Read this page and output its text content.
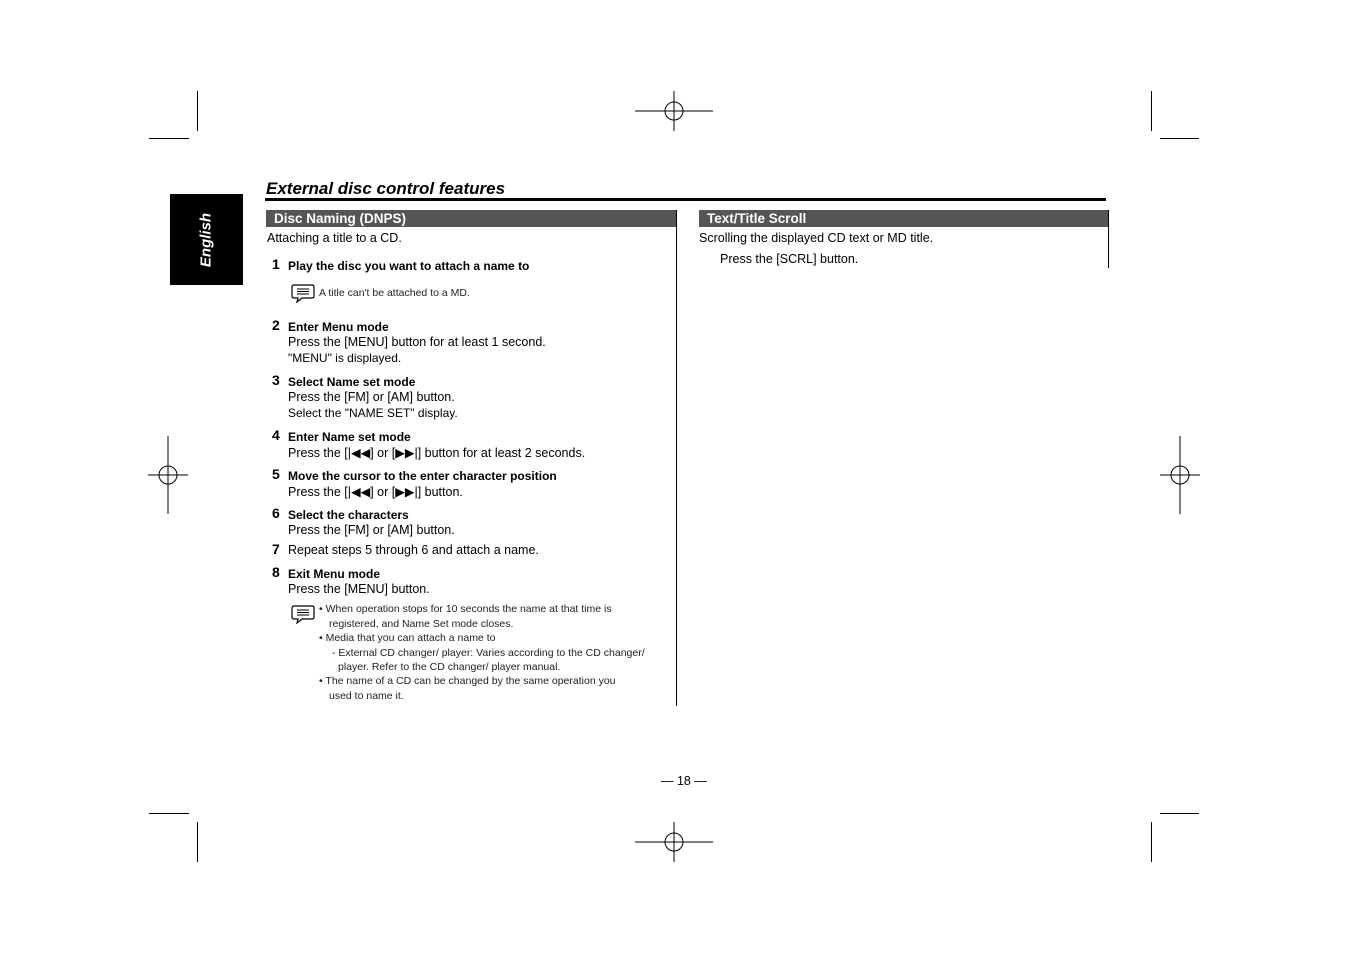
English
External disc control features
Disc Naming (DNPS)
Attaching a title to a CD.
1 Play the disc you want to attach a name to
A title can't be attached to a MD.
2 Enter Menu mode
Press the [MENU] button for at least 1 second.
"MENU" is displayed.
3 Select Name set mode
Press the [FM] or [AM] button.
Select the "NAME SET" display.
4 Enter Name set mode
Press the [|◀◀] or [▶▶|] button for at least 2 seconds.
5 Move the cursor to the enter character position
Press the [|◀◀] or [▶▶|] button.
6 Select the characters
Press the [FM] or [AM] button.
7 Repeat steps 5 through 6 and attach a name.
8 Exit Menu mode
Press the [MENU] button.
• When operation stops for 10 seconds the name at that time is
registered, and Name Set mode closes.
• Media that you can attach a name to
- External CD changer/ player: Varies according to the CD changer/
player. Refer to the CD changer/ player manual.
• The name of a CD can be changed by the same operation you
used to name it.
Text/Title Scroll
Scrolling the displayed CD text or MD title.
Press the [SCRL] button.
— 18 —
